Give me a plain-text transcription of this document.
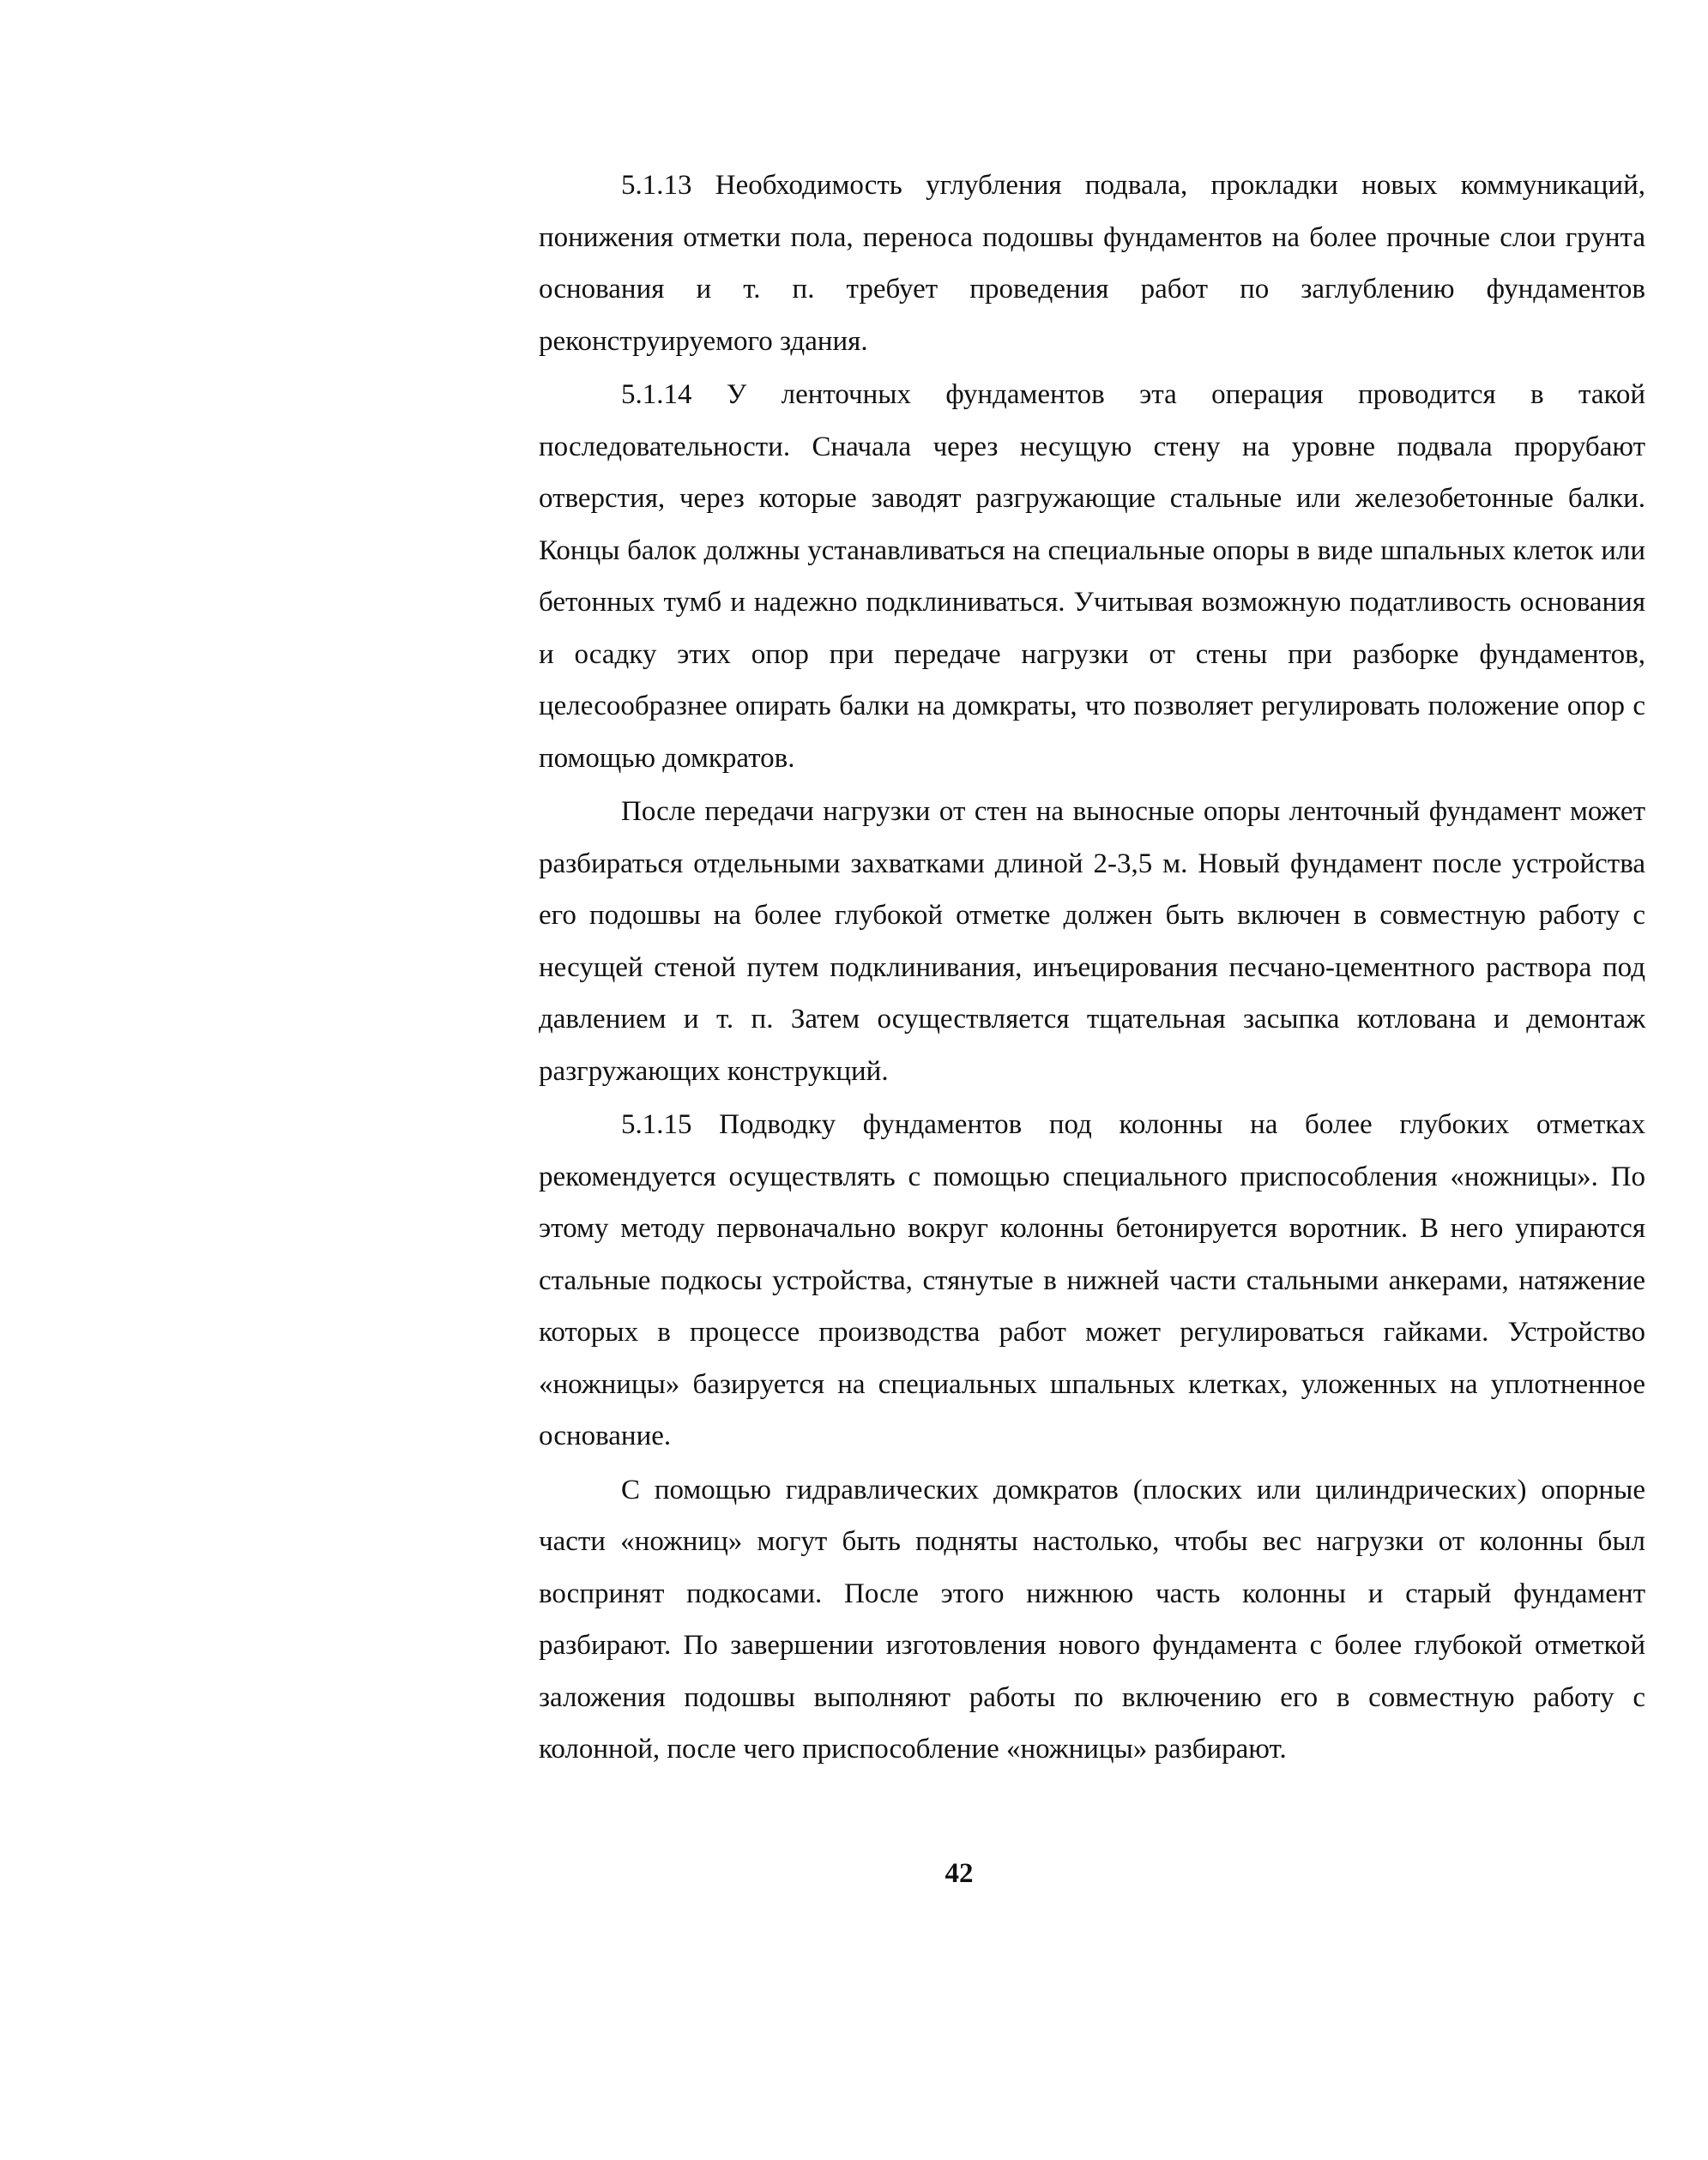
5.1.13 Необходимость углубления подвала, прокладки новых коммуникаций, понижения отметки пола, переноса подошвы фундаментов на более прочные слои грунта основания и т. п. требует проведения работ по заглублению фундаментов реконструируемого здания.

5.1.14 У ленточных фундаментов эта операция проводится в такой последовательности. Сначала через несущую стену на уровне подвала прорубают отверстия, через которые заводят разгружающие стальные или железобетонные балки. Концы балок должны устанавливаться на специальные опоры в виде шпальных клеток или бетонных тумб и надежно подклиниваться. Учитывая возможную податливость основания и осадку этих опор при передаче нагрузки от стены при разборке фундаментов, целесообразнее опирать балки на домкраты, что позволяет регулировать положение опор с помощью домкратов.

После передачи нагрузки от стен на выносные опоры ленточный фундамент может разбираться отдельными захватками длиной 2-3,5 м. Новый фундамент после устройства его подошвы на более глубокой отметке должен быть включен в совместную работу с несущей стеной путем подклинивания, инъецирования песчано-цементного раствора под давлением и т. п. Затем осуществляется тщательная засыпка котлована и демонтаж разгружающих конструкций.

5.1.15 Подводку фундаментов под колонны на более глубоких отметках рекомендуется осуществлять с помощью специального приспособления «ножницы». По этому методу первоначально вокруг колонны бетонируется воротник. В него упираются стальные подкосы устройства, стянутые в нижней части стальными анкерами, натяжение которых в процессе производства работ может регулироваться гайками. Устройство «ножницы» базируется на специальных шпальных клетках, уложенных на уплотненное основание.

С помощью гидравлических домкратов (плоских или цилиндрических) опорные части «ножниц» могут быть подняты настолько, чтобы вес нагрузки от колонны был воспринят подкосами. После этого нижнюю часть колонны и старый фундамент разбирают. По завершении изготовления нового фундамента с более глубокой отметкой заложения подошвы выполняют работы по включению его в совместную работу с колонной, после чего приспособление «ножницы» разбирают.

42
